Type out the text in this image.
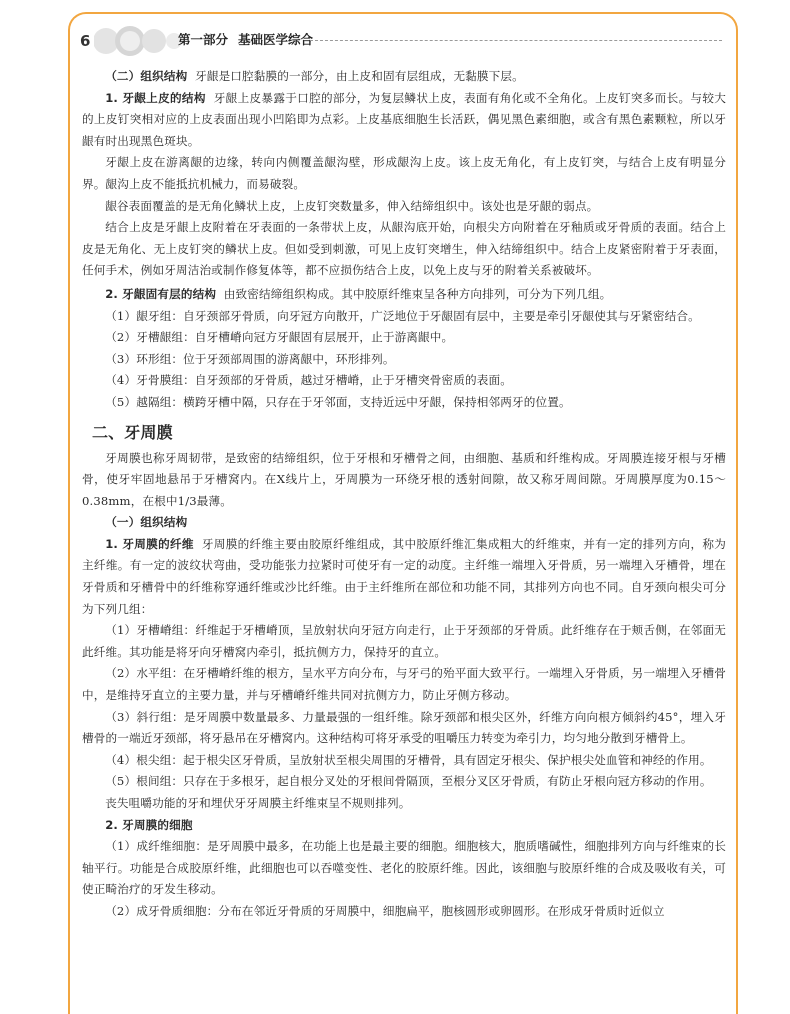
6	第一部分 基础医学综合

（二）组织结构 牙龈是口腔黏膜的一部分，由上皮和固有层组成，无黏膜下层。

1. 牙龈上皮的结构 牙龈上皮暴露于口腔的部分，为复层鳞状上皮，表面有角化或不全角化。上皮钉突多而长。与较大的上皮钉突相对应的上皮表面出现小凹陷即为点彩。上皮基底细胞生长活跃，偶见黑色素细胞，或含有黑色素颗粒，所以牙龈有时出现黑色斑块。

牙龈上皮在游离龈的边缘，转向内侧覆盖龈沟壁，形成龈沟上皮。该上皮无角化，有上皮钉突，与结合上皮有明显分界。龈沟上皮不能抵抗机械力，而易破裂。

龈谷表面覆盖的是无角化鳞状上皮，上皮钉突数量多，伸入结缔组织中。该处也是牙龈的弱点。

结合上皮是牙龈上皮附着在牙表面的一条带状上皮，从龈沟底开始，向根尖方向附着在牙釉质或牙骨质的表面。结合上皮是无角化、无上皮钉突的鳞状上皮。但如受到刺激，可见上皮钉突增生，伸入结缔组织中。结合上皮紧密附着于牙表面，任何手术，例如牙周洁治或制作修复体等，都不应损伤结合上皮，以免上皮与牙的附着关系被破坏。

2. 牙龈固有层的结构 由致密结缔组织构成。其中胶原纤维束呈各种方向排列，可分为下列几组。

（1）龈牙组：自牙颈部牙骨质，向牙冠方向散开，广泛地位于牙龈固有层中，主要是牵引牙龈使其与牙紧密结合。

（2）牙槽龈组：自牙槽嵴向冠方牙龈固有层展开，止于游离龈中。

（3）环形组：位于牙颈部周围的游离龈中，环形排列。

（4）牙骨膜组：自牙颈部的牙骨质，越过牙槽嵴，止于牙槽突骨密质的表面。

（5）越隔组：横跨牙槽中隔，只存在于牙邻面，支持近远中牙龈，保持相邻两牙的位置。

二、牙周膜

牙周膜也称牙周韧带，是致密的结缔组织，位于牙根和牙槽骨之间，由细胞、基质和纤维构成。牙周膜连接牙根与牙槽骨，使牙牢固地悬吊于牙槽窝内。在X线片上，牙周膜为一环绕牙根的透射间隙，故又称牙周间隙。牙周膜厚度为0.15～0.38mm，在根中1/3最薄。

（一）组织结构

1. 牙周膜的纤维 牙周膜的纤维主要由胶原纤维组成，其中胶原纤维汇集成粗大的纤维束，并有一定的排列方向，称为主纤维。有一定的波纹状弯曲，受功能张力拉紧时可使牙有一定的动度。主纤维一端埋入牙骨质，另一端埋入牙槽骨，埋在牙骨质和牙槽骨中的纤维称穿通纤维或沙比纤维。由于主纤维所在部位和功能不同，其排列方向也不同。自牙颈向根尖可分为下列几组：

（1）牙槽嵴组：纤维起于牙槽嵴顶，呈放射状向牙冠方向走行，止于牙颈部的牙骨质。此纤维存在于颊舌侧，在邻面无此纤维。其功能是将牙向牙槽窝内牵引，抵抗侧方力，保持牙的直立。

（2）水平组：在牙槽嵴纤维的根方，呈水平方向分布，与牙弓的殆平面大致平行。一端埋入牙骨质，另一端埋入牙槽骨中，是维持牙直立的主要力量，并与牙槽嵴纤维共同对抗侧方力，防止牙侧方移动。

（3）斜行组：是牙周膜中数量最多、力量最强的一组纤维。除牙颈部和根尖区外，纤维方向向根方倾斜约45°，埋入牙槽骨的一端近牙颈部，将牙悬吊在牙槽窝内。这种结构可将牙承受的咀嚼压力转变为牵引力，均匀地分散到牙槽骨上。

（4）根尖组：起于根尖区牙骨质，呈放射状至根尖周围的牙槽骨，具有固定牙根尖、保护根尖处血管和神经的作用。

（5）根间组：只存在于多根牙，起自根分叉处的牙根间骨隔顶，至根分叉区牙骨质，有防止牙根向冠方移动的作用。

丧失咀嚼功能的牙和埋伏牙牙周膜主纤维束呈不规则排列。

2. 牙周膜的细胞

（1）成纤维细胞：是牙周膜中最多，在功能上也是最主要的细胞。细胞核大，胞质嗜碱性，细胞排列方向与纤维束的长轴平行。功能是合成胶原纤维，此细胞也可以吞噬变性、老化的胶原纤维。因此，该细胞与胶原纤维的合成及吸收有关，可使正畸治疗的牙发生移动。

（2）成牙骨质细胞：分布在邻近牙骨质的牙周膜中，细胞扁平，胞核圆形或卵圆形。在形成牙骨质时近似立
